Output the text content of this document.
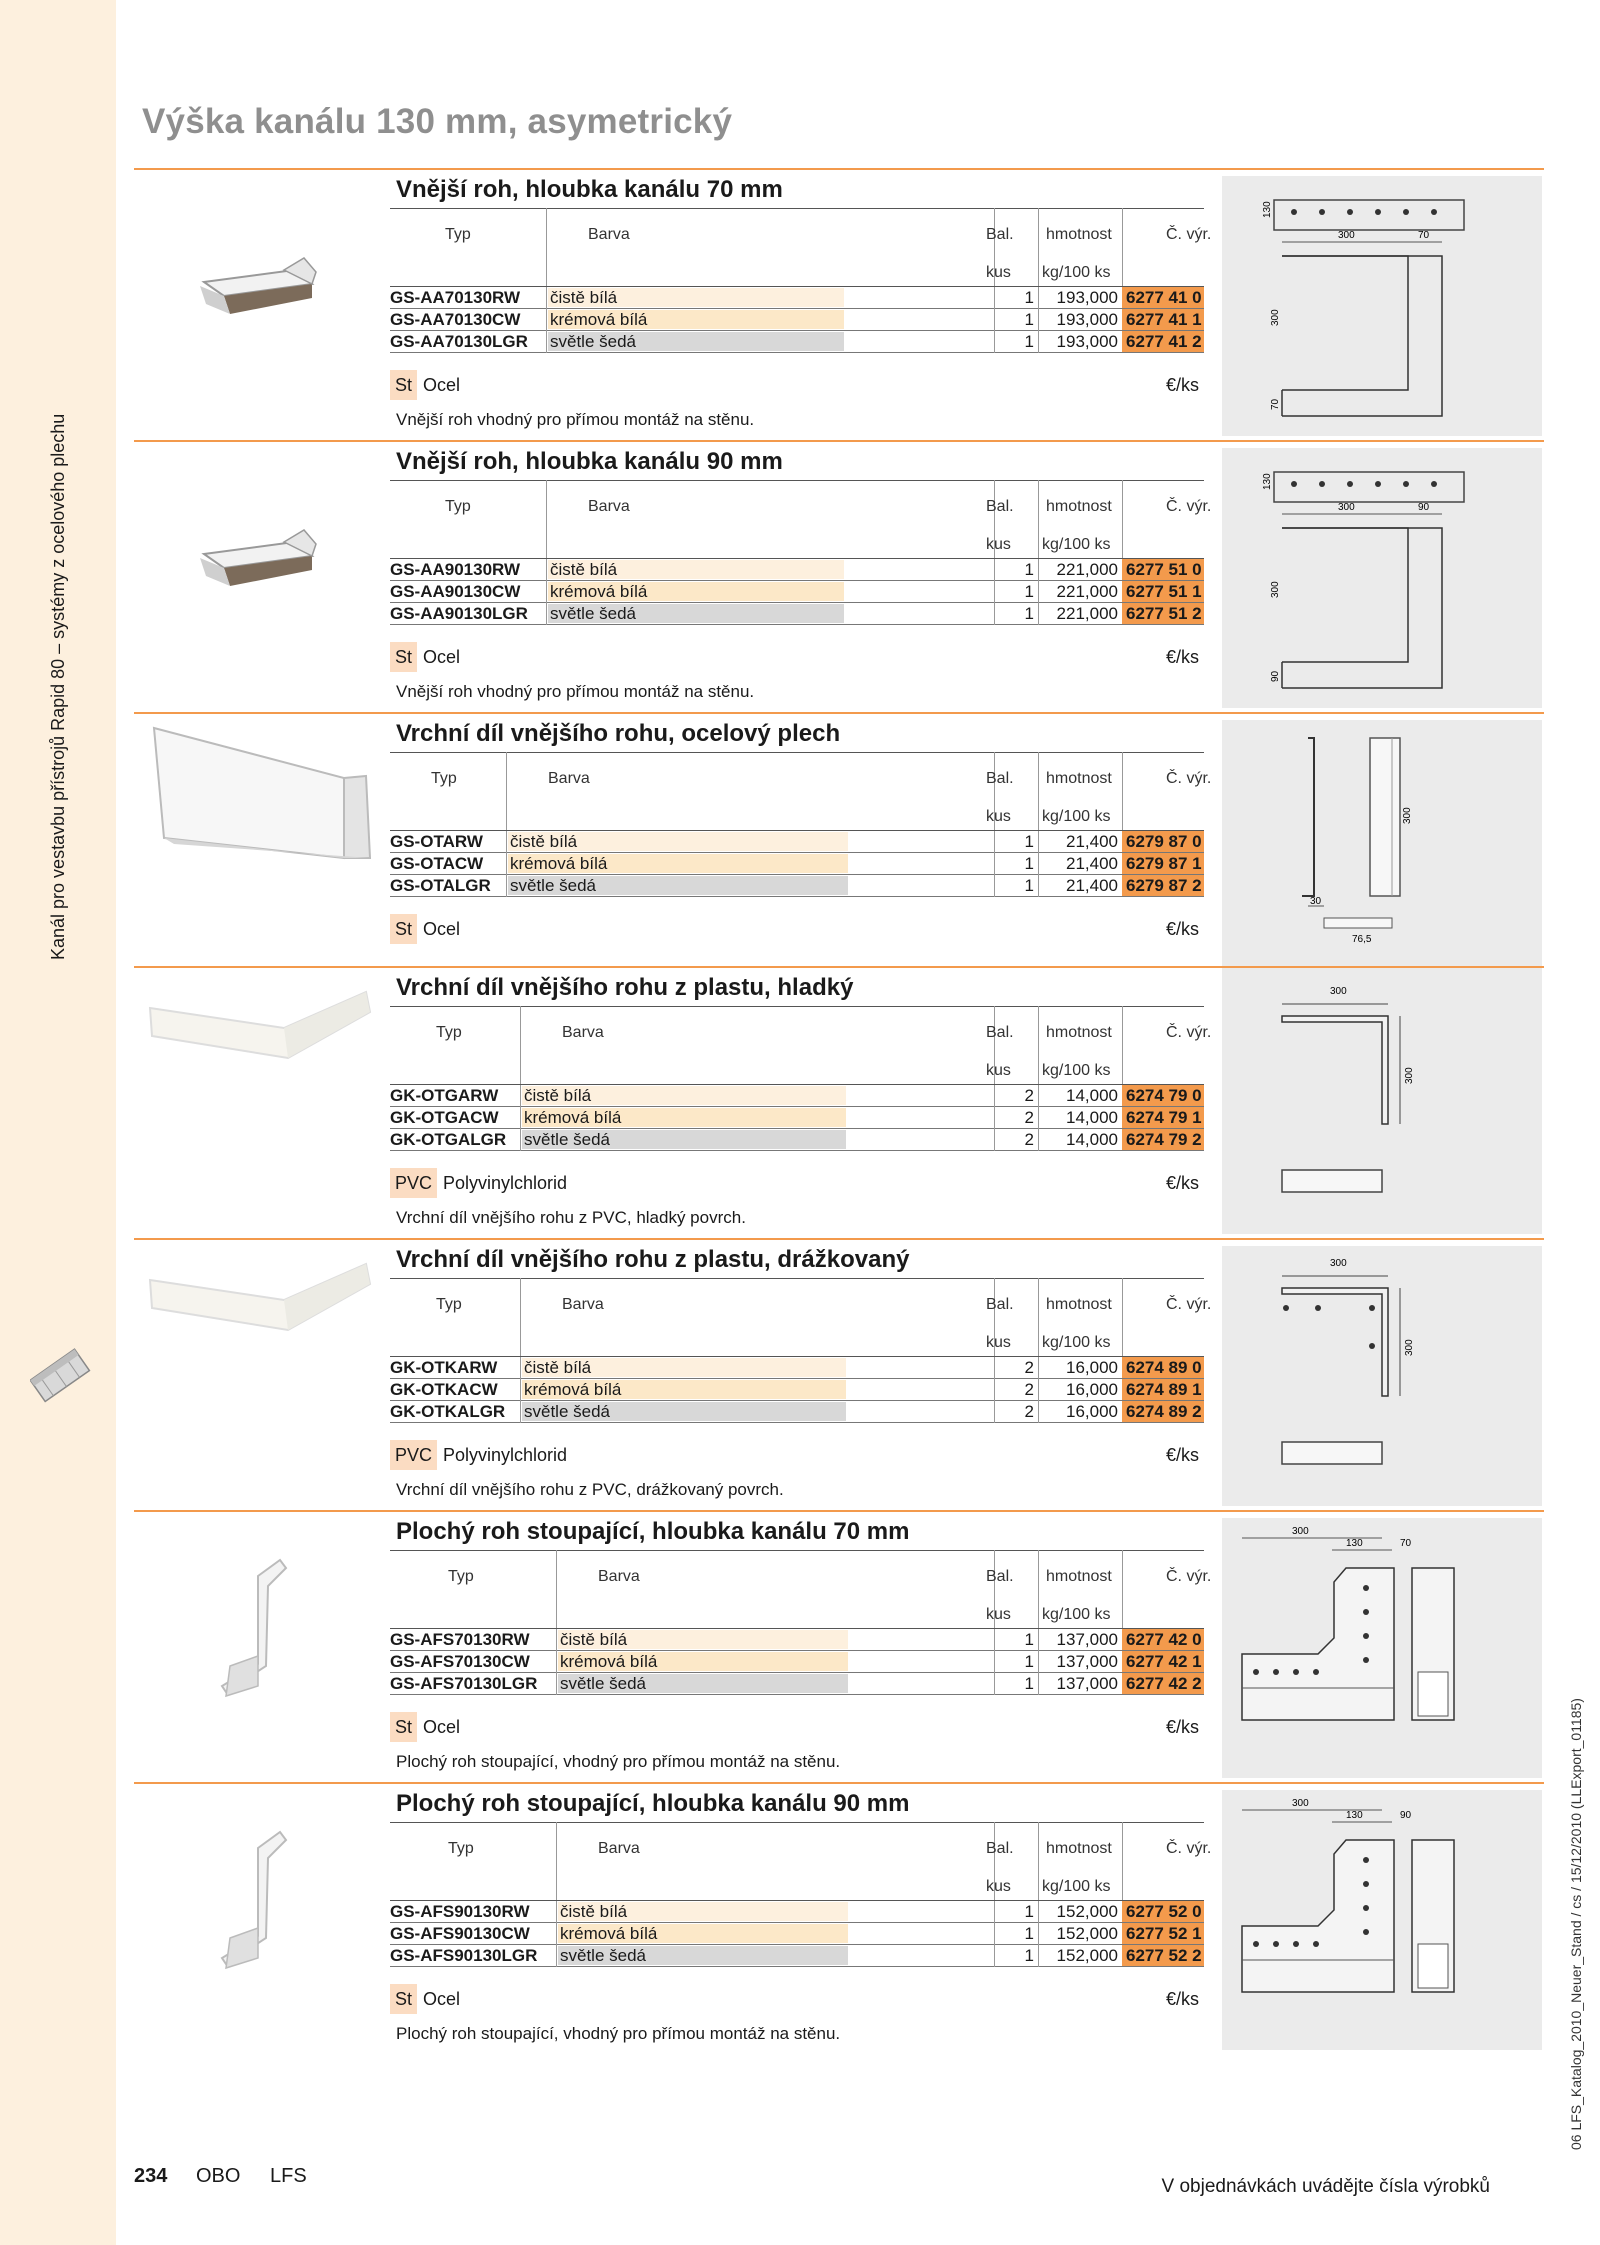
Kanál pro vestavbu přístrojů Rapid 80 – systémy z ocelového plechu
Výška kanálu 130 mm, asymetrický
Vnější roh, hloubka kanálu 70 mm
Typ	Barva	Bal. hmotnost	Č. výr.
kus kg/100 ks
GS-AA70130RW čistě bílá	1	193,000 6277 41 0
GS-AA70130CW krémová bílá	1	193,000 6277 41 1
GS-AA70130LGR světle šedá	1	193,000 6277 41 2
St Ocel	€/ks
Vnější roh vhodný pro přímou montáž na stěnu.
130
300	70
300
70
Vnější roh, hloubka kanálu 90 mm
Typ	Barva	Bal. hmotnost	Č. výr.
kus kg/100 ks
GS-AA90130RW čistě bílá	1	221,000 6277 51 0
GS-AA90130CW krémová bílá	1	221,000 6277 51 1
GS-AA90130LGR světle šedá	1	221,000 6277 51 2
St Ocel	€/ks
Vnější roh vhodný pro přímou montáž na stěnu.
130
300	90
300
90
Vrchní díl vnějšího rohu, ocelový plech
Typ	Barva	Bal. hmotnost	Č. výr.
kus kg/100 ks
GS-OTARW čistě bílá	1	21,400 6279 87 0
GS-OTACW krémová bílá	1	21,400 6279 87 1
GS-OTALGR světle šedá	1	21,400 6279 87 2
St Ocel	€/ks
300
30
76,5
Vrchní díl vnějšího rohu z plastu, hladký
Typ	Barva	Bal. hmotnost	Č. výr.
kus kg/100 ks
GK-OTGARW čistě bílá	2	14,000 6274 79 0
GK-OTGACW krémová bílá	2	14,000 6274 79 1
GK-OTGALGR světle šedá	2	14,000 6274 79 2
PVC Polyvinylchlorid	€/ks
Vrchní díl vnějšího rohu z PVC, hladký povrch.
300
300
Vrchní díl vnějšího rohu z plastu, drážkovaný
Typ	Barva	Bal. hmotnost	Č. výr.
kus kg/100 ks
GK-OTKARW čistě bílá	2	16,000 6274 89 0
GK-OTKACW krémová bílá	2	16,000 6274 89 1
GK-OTKALGR světle šedá	2	16,000 6274 89 2
PVC Polyvinylchlorid	€/ks
Vrchní díl vnějšího rohu z PVC, drážkovaný povrch.
300
300
Plochý roh stoupající, hloubka kanálu 70 mm
Typ	Barva	Bal. hmotnost	Č. výr.
kus kg/100 ks
GS-AFS70130RW čistě bílá	1	137,000 6277 42 0
GS-AFS70130CW krémová bílá	1	137,000 6277 42 1
GS-AFS70130LGR světle šedá	1	137,000 6277 42 2
St Ocel	€/ks
Plochý roh stoupající, vhodný pro přímou montáž na stěnu.
300
130	70
Plochý roh stoupající, hloubka kanálu 90 mm
Typ	Barva	Bal. hmotnost	Č. výr.
kus kg/100 ks
GS-AFS90130RW čistě bílá	1	152,000 6277 52 0
GS-AFS90130CW krémová bílá	1	152,000 6277 52 1
GS-AFS90130LGR světle šedá	1	152,000 6277 52 2
St Ocel	€/ks
Plochý roh stoupající, vhodný pro přímou montáž na stěnu.
300
130	90
234 OBO LFS	V objednávkách uvádějte čísla výrobků
06 LFS_Katalog_2010_Neuer_Stand / cs / 15/12/2010 (LLExport_01185)
